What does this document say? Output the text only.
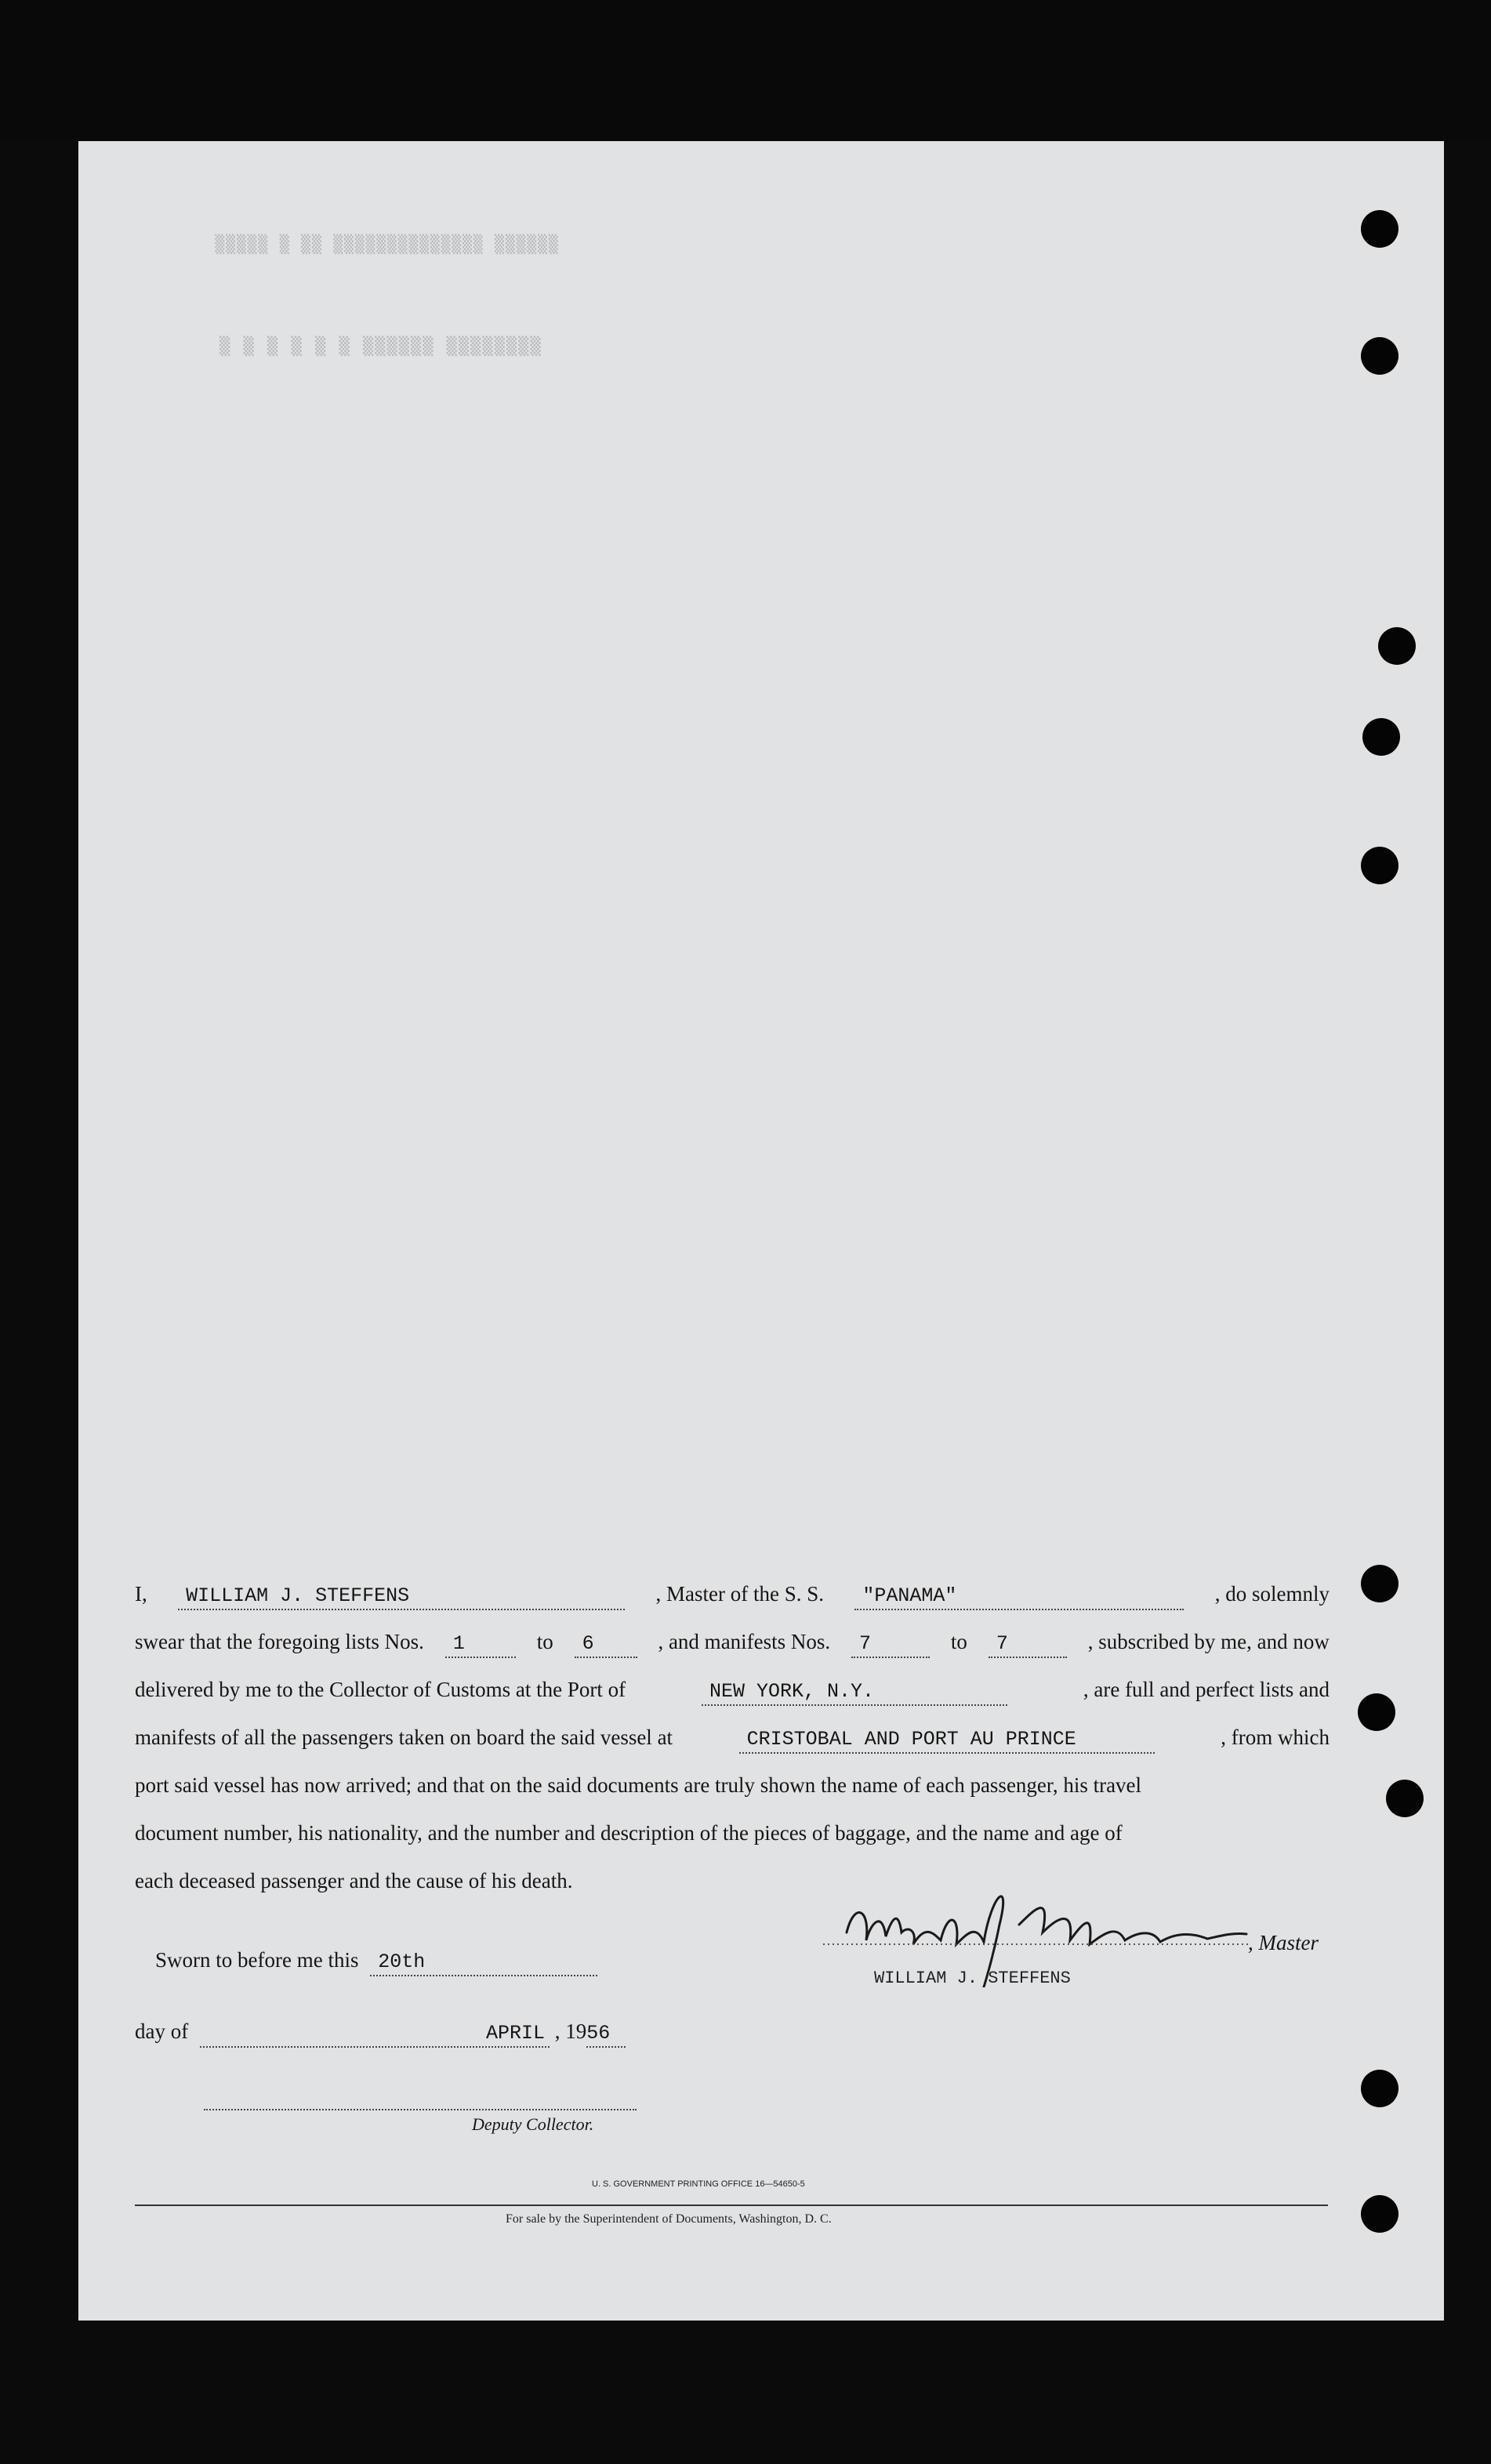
▒▒▒▒▒ ▒ ▒▒ ▒▒▒▒▒▒▒▒▒▒▒▒▒▒ ▒▒▒▒▒▒
▒ ▒ ▒ ▒ ▒ ▒ ▒▒▒▒▒▒ ▒▒▒▒▒▒▒▒
I,	WILLIAM J. STEFFENS	, Master of the S. S.	"PANAMA"	, do solemnly
swear that the foregoing lists Nos.	1	to	6	, and manifests Nos.	7	to	7	, subscribed by me, and now
delivered by me to the Collector of Customs at the Port of	NEW YORK, N.Y.	, are full and perfect lists and
manifests of all the passengers taken on board the said vessel at	CRISTOBAL AND PORT AU PRINCE	, from which
port said vessel has now arrived; and that on the said documents are truly shown the name of each passenger, his travel
document number, his nationality, and the number and description of the pieces of baggage, and the name and age of
each deceased passenger and the cause of his death.
Sworn to before me this 20th
day of	APRIL , 1956
Deputy Collector.
, Master
WILLIAM J. STEFFENS
U. S. GOVERNMENT PRINTING OFFICE 16—54650-5
For sale by the Superintendent of Documents, Washington, D. C.
